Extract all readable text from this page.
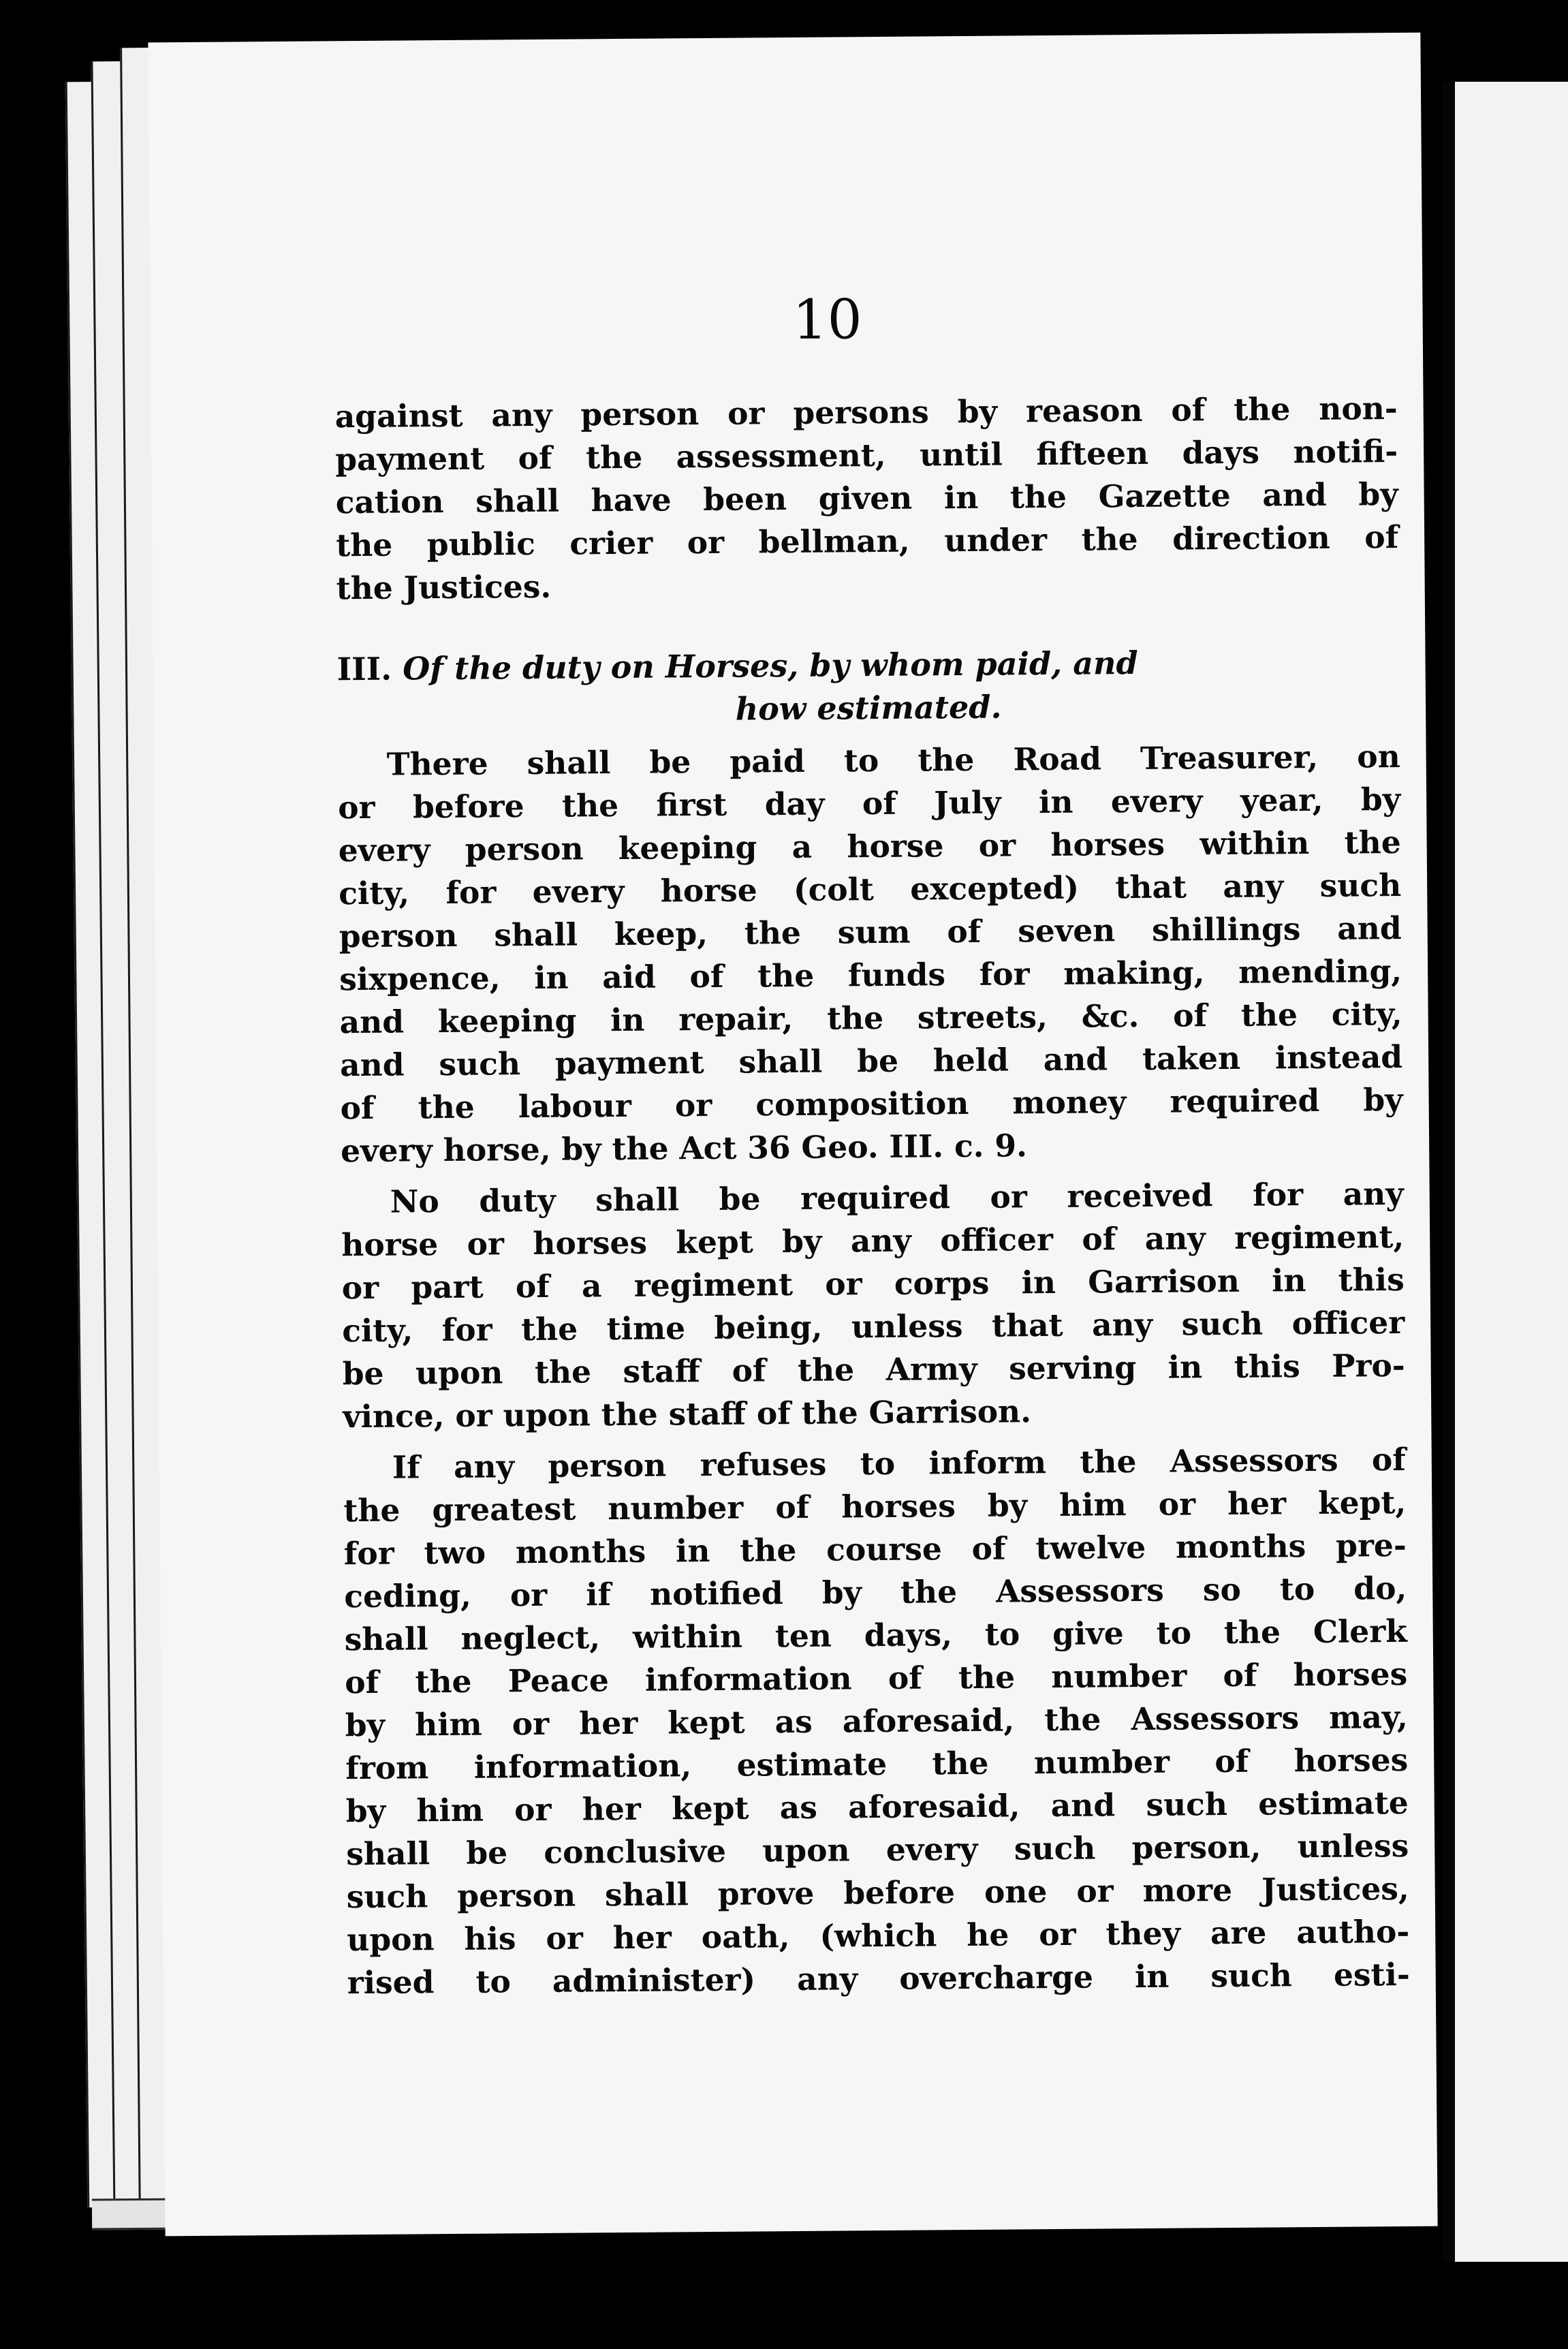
10
against any person or persons by reason of the non-
payment of the assessment, until fifteen days notifi-
cation shall have been given in the Gazette and by
the public crier or bellman, under the direction of
the Justices.
III. Of the duty on Horses, by whom paid, and
how estimated.
There shall be paid to the Road Treasurer, on
or before the first day of July in every year, by
every person keeping a horse or horses within the
city, for every horse (colt excepted) that any such
person shall keep, the sum of seven shillings and
sixpence, in aid of the funds for making, mending,
and keeping in repair, the streets, &c. of the city,
and such payment shall be held and taken instead
of the labour or composition money required by
every horse, by the Act 36 Geo. III. c. 9.
No duty shall be required or received for any
horse or horses kept by any officer of any regiment,
or part of a regiment or corps in Garrison in this
city, for the time being, unless that any such officer
be upon the staff of the Army serving in this Pro-
vince, or upon the staff of the Garrison.
If any person refuses to inform the Assessors of
the greatest number of horses by him or her kept,
for two months in the course of twelve months pre-
ceding, or if notified by the Assessors so to do,
shall neglect, within ten days, to give to the Clerk
of the Peace information of the number of horses
by him or her kept as aforesaid, the Assessors may,
from information, estimate the number of horses
by him or her kept as aforesaid, and such estimate
shall be conclusive upon every such person, unless
such person shall prove before one or more Justices,
upon his or her oath, (which he or they are autho-
rised to administer) any overcharge in such esti-
